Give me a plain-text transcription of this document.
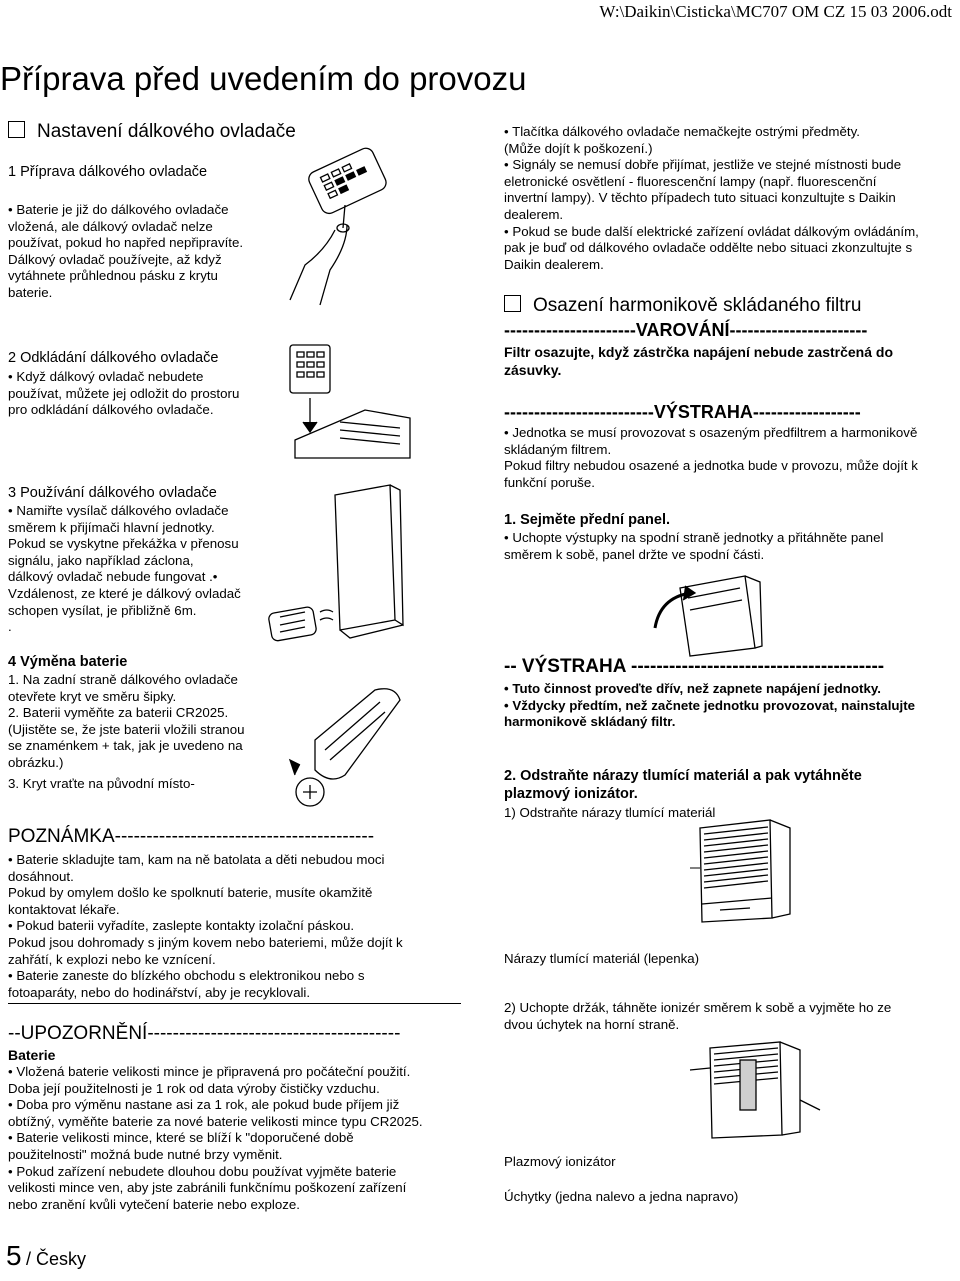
W:\Daikin\Cisticka\MC707 OM CZ 15 03 2006.odt
Příprava před uvedením do provozu
Nastavení dálkového ovladače
1 Příprava dálkového ovladače
• Baterie je již do dálkového ovladače
vložená, ale dálkový ovladač nelze
používat, pokud ho napřed nepřipravíte.
Dálkový ovladač používejte, až když
vytáhnete průhlednou pásku z krytu
baterie.
2 Odkládání dálkového ovladače
• Když dálkový ovladač nebudete
používat, můžete jej odložit do prostoru
pro odkládání dálkového ovladače.
3 Používání dálkového ovladače
• Namiřte vysílač dálkového ovladače
směrem k přijímači hlavní jednotky.
Pokud se vyskytne překážka v přenosu
signálu, jako například záclona,
dálkový ovladač nebude fungovat .•
Vzdálenost, ze které je dálkový ovladač
schopen vysílat, je přibližně 6m.
.
4 Výměna baterie
1. Na zadní straně dálkového ovladače
otevřete kryt ve směru šipky.
2. Baterii vyměňte za baterii CR2025.
(Ujistěte se, že jste baterii vložili stranou
se znaménkem + tak, jak je uvedeno na
obrázku.)
3. Kryt vraťte na původní místo-
POZNÁMKA-----------------------------------------
• Baterie skladujte tam, kam na ně batolata a děti nebudou moci
dosáhnout.
Pokud by omylem došlo ke spolknutí baterie, musíte okamžitě
kontaktovat lékaře.
• Pokud baterii vyřadíte, zaslepte kontakty izolační páskou.
Pokud jsou dohromady s jiným kovem nebo bateriemi, může dojít k
zahřátí, k explozi nebo ke vznícení.
• Baterie zaneste do blízkého obchodu s elektronikou nebo s
fotoaparáty, nebo do hodinářství, aby je recyklovali.
--UPOZORNĚNÍ----------------------------------------
Baterie
• Vložená baterie velikosti mince je připravená pro počáteční použití.
Doba její použitelnosti je 1 rok od data výroby čističky vzduchu.
• Doba pro výměnu nastane asi za 1 rok, ale pokud bude příjem již
obtížný, vyměňte baterie za nové baterie velikosti mince typu CR2025.
• Baterie velikosti mince, které se blíží k "doporučené době
použitelnosti" možná bude nutné brzy vyměnit.
• Pokud zařízení nebudete dlouhou dobu používat vyjměte baterie
velikosti mince ven, aby jste zabránili funkčnímu poškození zařízení
nebo zranění kvůli vytečení baterie nebo exploze.
5 / Česky
• Tlačítka dálkového ovladače nemačkejte ostrými předměty.
(Může dojít k poškození.)
• Signály se nemusí dobře přijímat, jestliže ve stejné místnosti bude
eletronické osvětlení - fluorescenční lampy (např. fluorescenční
invertní lampy). V těchto případech tuto situaci konzultujte s Daikin
dealerem.
• Pokud se bude další elektrické zařízení ovládat dálkovým ovládáním,
pak je buď od dálkového ovladače oddělte nebo situaci zkonzultujte s
Daikin dealerem.
Osazení harmonikově skládaného filtru
----------------------VAROVÁNÍ-----------------------
Filtr osazujte, když zástrčka napájení nebude zastrčená do
zásuvky.
-------------------------VÝSTRAHA------------------
• Jednotka se musí provozovat s osazeným předfiltrem a harmonikově
skládaným filtrem.
Pokud filtry nebudou osazené a jednotka bude v provozu, může dojít k
funkční poruše.
1. Sejměte přední panel.
• Uchopte výstupky na spodní straně jednotky a přitáhněte panel
směrem k sobě, panel držte ve spodní části.
-- VÝSTRAHA ----------------------------------------
• Tuto činnost proveďte dřív, než zapnete napájení jednotky.
• Vždycky předtím, než začnete jednotku provozovat, nainstalujte
harmonikově skládaný filtr.
2. Odstraňte nárazy tlumící materiál a pak vytáhněte
plazmový ionizátor.
1) Odstraňte nárazy tlumící materiál
Nárazy tlumící materiál (lepenka)
2) Uchopte držák, táhněte ionizér směrem k sobě a vyjměte ho ze
dvou úchytek na horní straně.
Plazmový ionizátor
Úchytky (jedna nalevo a jedna napravo)
